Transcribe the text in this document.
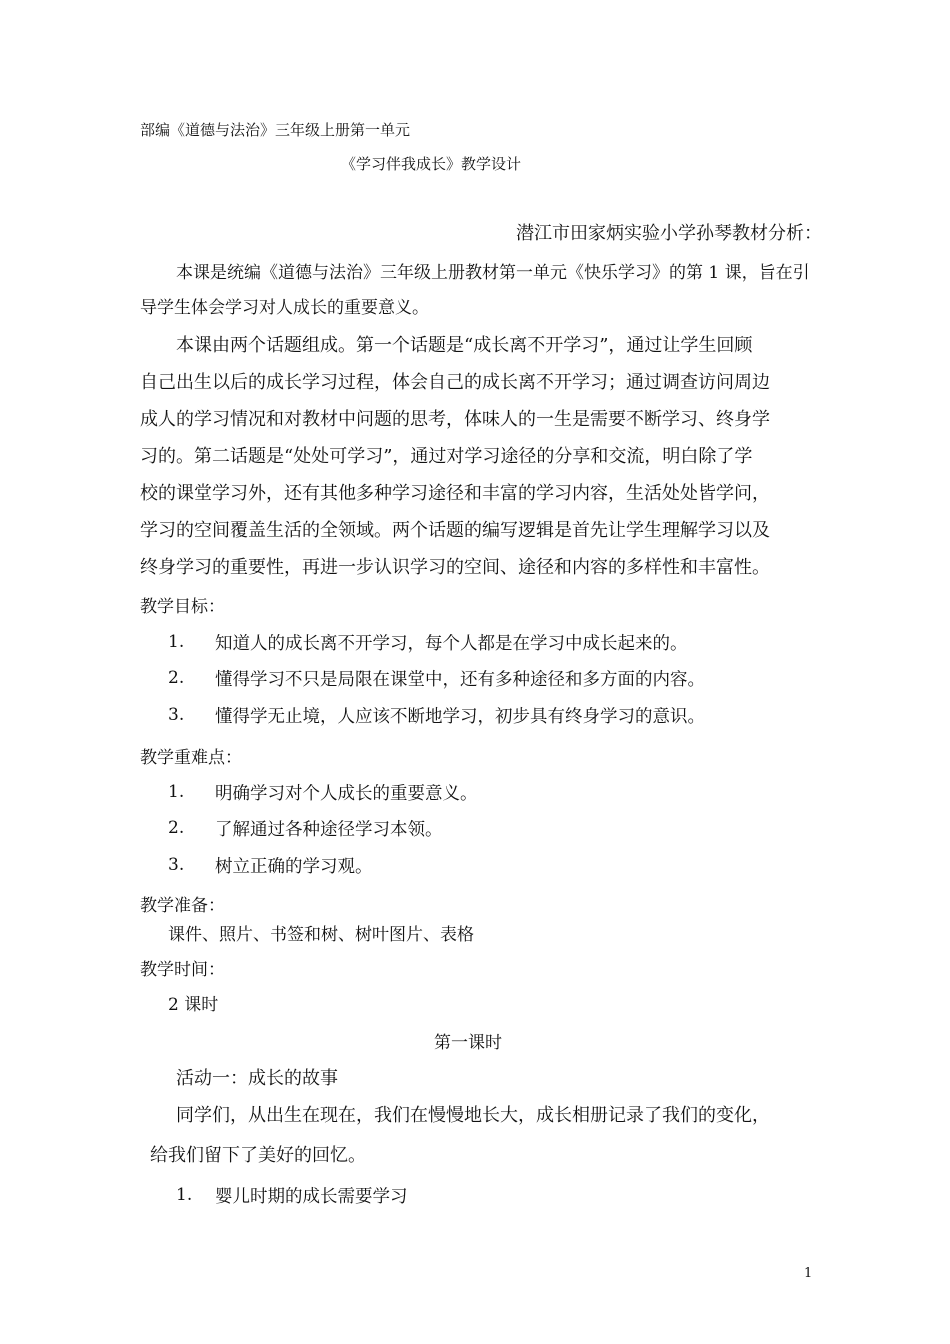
部编《道德与法治》三年级上册第一单元
《学习伴我成长》教学设计
潜江市田家炳实验小学孙琴教材分析：
本课是统编《道德与法治》三年级上册教材第一单元《快乐学习》的第 1 课，旨在引
导学生体会学习对人成长的重要意义。
本课由两个话题组成。第一个话题是“成长离不开学习”，通过让学生回顾
自己出生以后的成长学习过程，体会自己的成长离不开学习；通过调查访问周边
成人的学习情况和对教材中问题的思考，体味人的一生是需要不断学习、终身学
习的。第二话题是“处处可学习”，通过对学习途径的分享和交流，明白除了学
校的课堂学习外，还有其他多种学习途径和丰富的学习内容，生活处处皆学问，
学习的空间覆盖生活的全领域。两个话题的编写逻辑是首先让学生理解学习以及
终身学习的重要性，再进一步认识学习的空间、途径和内容的多样性和丰富性。
教学目标：
1. 知道人的成长离不开学习，每个人都是在学习中成长起来的。
2. 懂得学习不只是局限在课堂中，还有多种途径和多方面的内容。
3. 懂得学无止境，人应该不断地学习，初步具有终身学习的意识。
教学重难点：
1. 明确学习对个人成长的重要意义。
2. 了解通过各种途径学习本领。
3. 树立正确的学习观。
教学准备：
课件、照片、书签和树、树叶图片、表格
教学时间：
2 课时
第一课时
活动一：成长的故事
同学们，从出生在现在，我们在慢慢地长大，成长相册记录了我们的变化，
给我们留下了美好的回忆。
1. 婴儿时期的成长需要学习
1
